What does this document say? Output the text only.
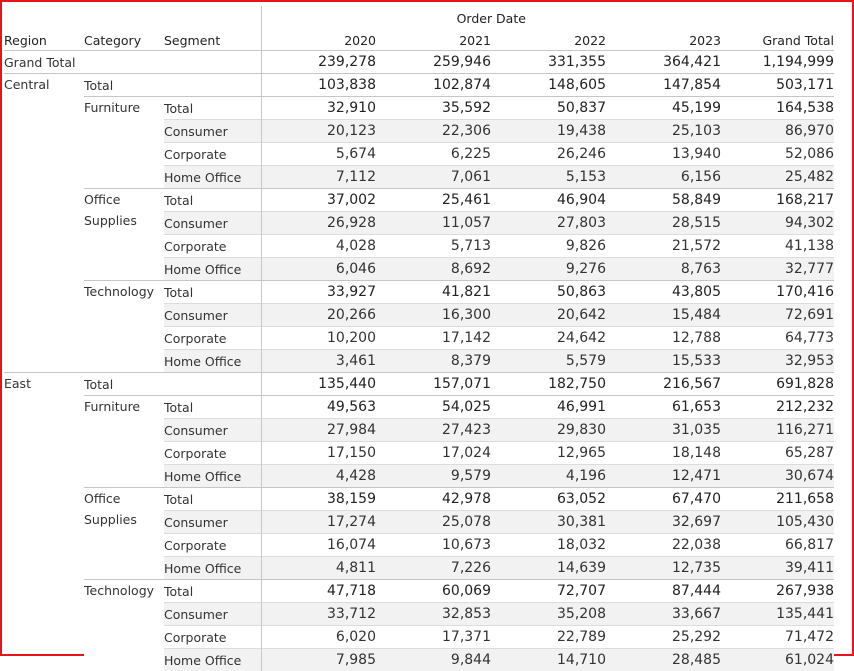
			Order Date				
Region	Category	Segment	2020	2021	2022	2023	Grand Total
Grand Total			239,278	259,946	331,355	364,421	1,194,999
Central	Total		103,838	102,874	148,605	147,854	503,171
	Furniture	Total	32,910	35,592	50,837	45,199	164,538
		Consumer	20,123	22,306	19,438	25,103	86,970
		Corporate	5,674	6,225	26,246	13,940	52,086
		Home Office	7,112	7,061	5,153	6,156	25,482
	Office Supplies	Total	37,002	25,461	46,904	58,849	168,217
		Consumer	26,928	11,057	27,803	28,515	94,302
		Corporate	4,028	5,713	9,826	21,572	41,138
		Home Office	6,046	8,692	9,276	8,763	32,777
	Technology	Total	33,927	41,821	50,863	43,805	170,416
		Consumer	20,266	16,300	20,642	15,484	72,691
		Corporate	10,200	17,142	24,642	12,788	64,773
		Home Office	3,461	8,379	5,579	15,533	32,953
East	Total		135,440	157,071	182,750	216,567	691,828
	Furniture	Total	49,563	54,025	46,991	61,653	212,232
		Consumer	27,984	27,423	29,830	31,035	116,271
		Corporate	17,150	17,024	12,965	18,148	65,287
		Home Office	4,428	9,579	4,196	12,471	30,674
	Office Supplies	Total	38,159	42,978	63,052	67,470	211,658
		Consumer	17,274	25,078	30,381	32,697	105,430
		Corporate	16,074	10,673	18,032	22,038	66,817
		Home Office	4,811	7,226	14,639	12,735	39,411
	Technology	Total	47,718	60,069	72,707	87,444	267,938
		Consumer	33,712	32,853	35,208	33,667	135,441
		Corporate	6,020	17,371	22,789	25,292	71,472
		Home Office	7,985	9,844	14,710	28,485	61,024
